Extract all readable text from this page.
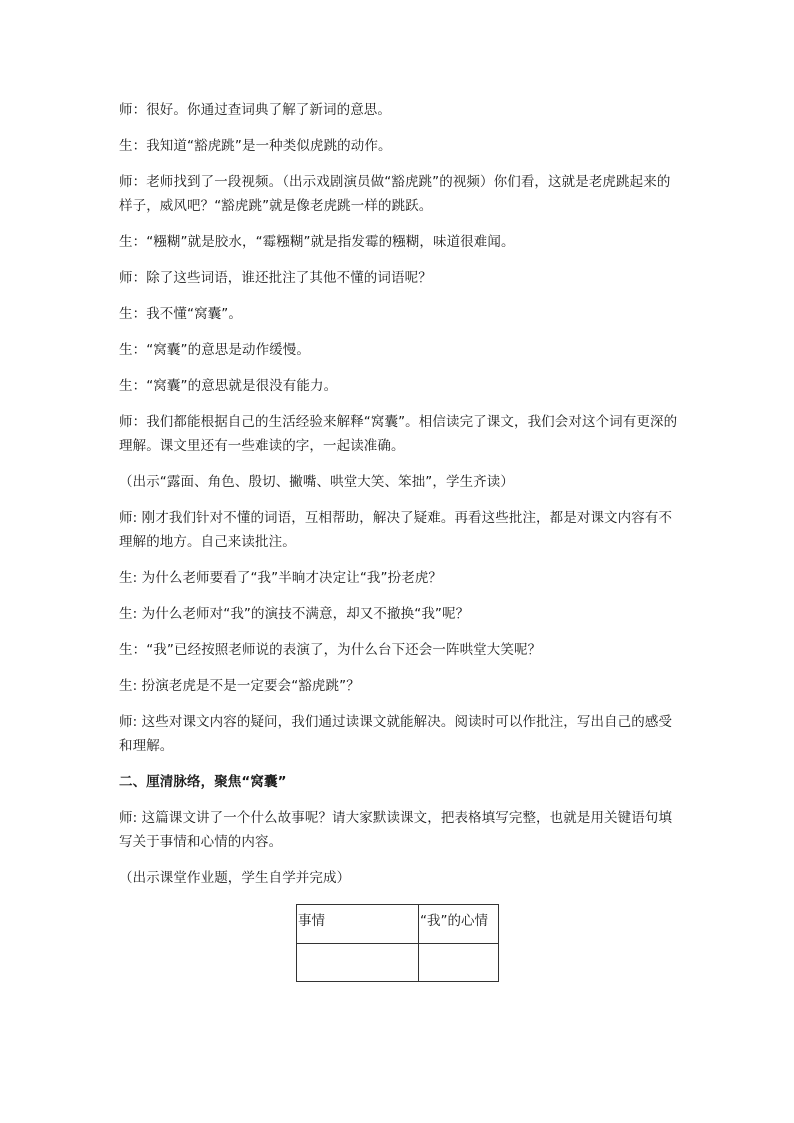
师：很好。你通过查词典了解了新词的意思。

生：我知道“豁虎跳”是一种类似虎跳的动作。

师：老师找到了一段视频。（出示戏剧演员做“豁虎跳”的视频）你们看，这就是老虎跳起来的样子，威风吧？“豁虎跳”就是像老虎跳一样的跳跃。

生：“糨糊”就是胶水，“霉糨糊”就是指发霉的糨糊，味道很难闻。

师：除了这些词语，谁还批注了其他不懂的词语呢？

生：我不懂“窝囊”。

生：“窝囊”的意思是动作缓慢。

生：“窝囊”的意思就是很没有能力。

师：我们都能根据自己的生活经验来解释“窝囊”。相信读完了课文，我们会对这个词有更深的理解。课文里还有一些难读的字，一起读准确。

（出示“露面、角色、殷切、撇嘴、哄堂大笑、笨拙”，学生齐读）

师: 刚才我们针对不懂的词语，互相帮助，解决了疑难。再看这些批注，都是对课文内容有不理解的地方。自己来读批注。

生: 为什么老师要看了“我”半晌才决定让“我”扮老虎？

生: 为什么老师对“我”的演技不满意，却又不撤换“我”呢？

生：“我”已经按照老师说的表演了，为什么台下还会一阵哄堂大笑呢？

生: 扮演老虎是不是一定要会“豁虎跳”？

师: 这些对课文内容的疑问，我们通过读课文就能解决。阅读时可以作批注，写出自己的感受和理解。

二、厘清脉络，聚焦“窝囊”

师: 这篇课文讲了一个什么故事呢？请大家默读课文，把表格填写完整，也就是用关键语句填写关于事情和心情的内容。

（出示课堂作业题，学生自学并完成）

事情	“我”的心情
